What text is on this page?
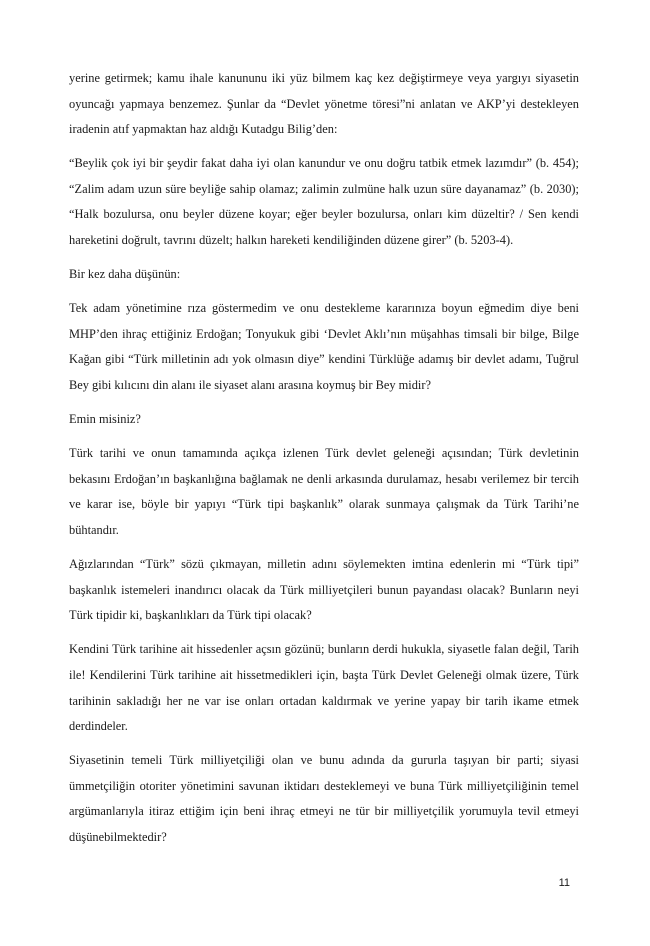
yerine getirmek; kamu ihale kanununu iki yüz bilmem kaç kez değiştirmeye veya yargıyı siyasetin oyuncağı yapmaya benzemez. Şunlar da “Devlet yönetme töresi”ni anlatan ve AKP’yi destekleyen iradenin atıf yapmaktan haz aldığı Kutadgu Bilig’den:

“Beylik çok iyi bir şeydir fakat daha iyi olan kanundur ve onu doğru tatbik etmek lazımdır” (b. 454); “Zalim adam uzun süre beyliğe sahip olamaz; zalimin zulmüne halk uzun süre dayanamaz” (b. 2030); “Halk bozulursa, onu beyler düzene koyar; eğer beyler bozulursa, onları kim düzeltir? / Sen kendi hareketini doğrult, tavrını düzelt; halkın hareketi kendiliğinden düzene girer” (b. 5203-4).

Bir kez daha düşünün:

Tek adam yönetimine rıza göstermedim ve onu destekleme kararınıza boyun eğmedim diye beni MHP’den ihraç ettiğiniz Erdoğan; Tonyukuk gibi ‘Devlet Aklı’nın müşahhas timsali bir bilge, Bilge Kağan gibi “Türk milletinin adı yok olmasın diye” kendini Türklüğe adamış bir devlet adamı, Tuğrul Bey gibi kılıcını din alanı ile siyaset alanı arasına koymuş bir Bey midir?

Emin misiniz?

Türk tarihi ve onun tamamında açıkça izlenen Türk devlet geleneği açısından; Türk devletinin bekasını Erdoğan’ın başkanlığına bağlamak ne denli arkasında durulamaz, hesabı verilemez bir tercih ve karar ise, böyle bir yapıyı “Türk tipi başkanlık” olarak sunmaya çalışmak da Türk Tarihi’ne bühtandır.

Ağızlarından “Türk” sözü çıkmayan, milletin adını söylemekten imtina edenlerin mi “Türk tipi” başkanlık istemeleri inandırıcı olacak da Türk milliyetçileri bunun payandası olacak? Bunların neyi Türk tipidir ki, başkanlıkları da Türk tipi olacak?

Kendini Türk tarihine ait hissedenler açsın gözünü; bunların derdi hukukla, siyasetle falan değil, Tarih ile! Kendilerini Türk tarihine ait hissetmedikleri için, başta Türk Devlet Geleneği olmak üzere, Türk tarihinin sakladığı her ne var ise onları ortadan kaldırmak ve yerine yapay bir tarih ikame etmek derdindeler.

Siyasetinin temeli Türk milliyetçiliği olan ve bunu adında da gururla taşıyan bir parti; siyasi ümmetçiliğin otoriter yönetimini savunan iktidarı desteklemeyi ve buna Türk milliyetçiliğinin temel argümanlarıyla itiraz ettiğim için beni ihraç etmeyi ne tür bir milliyetçilik yorumuyla tevil etmeyi düşünebilmektedir?

11
